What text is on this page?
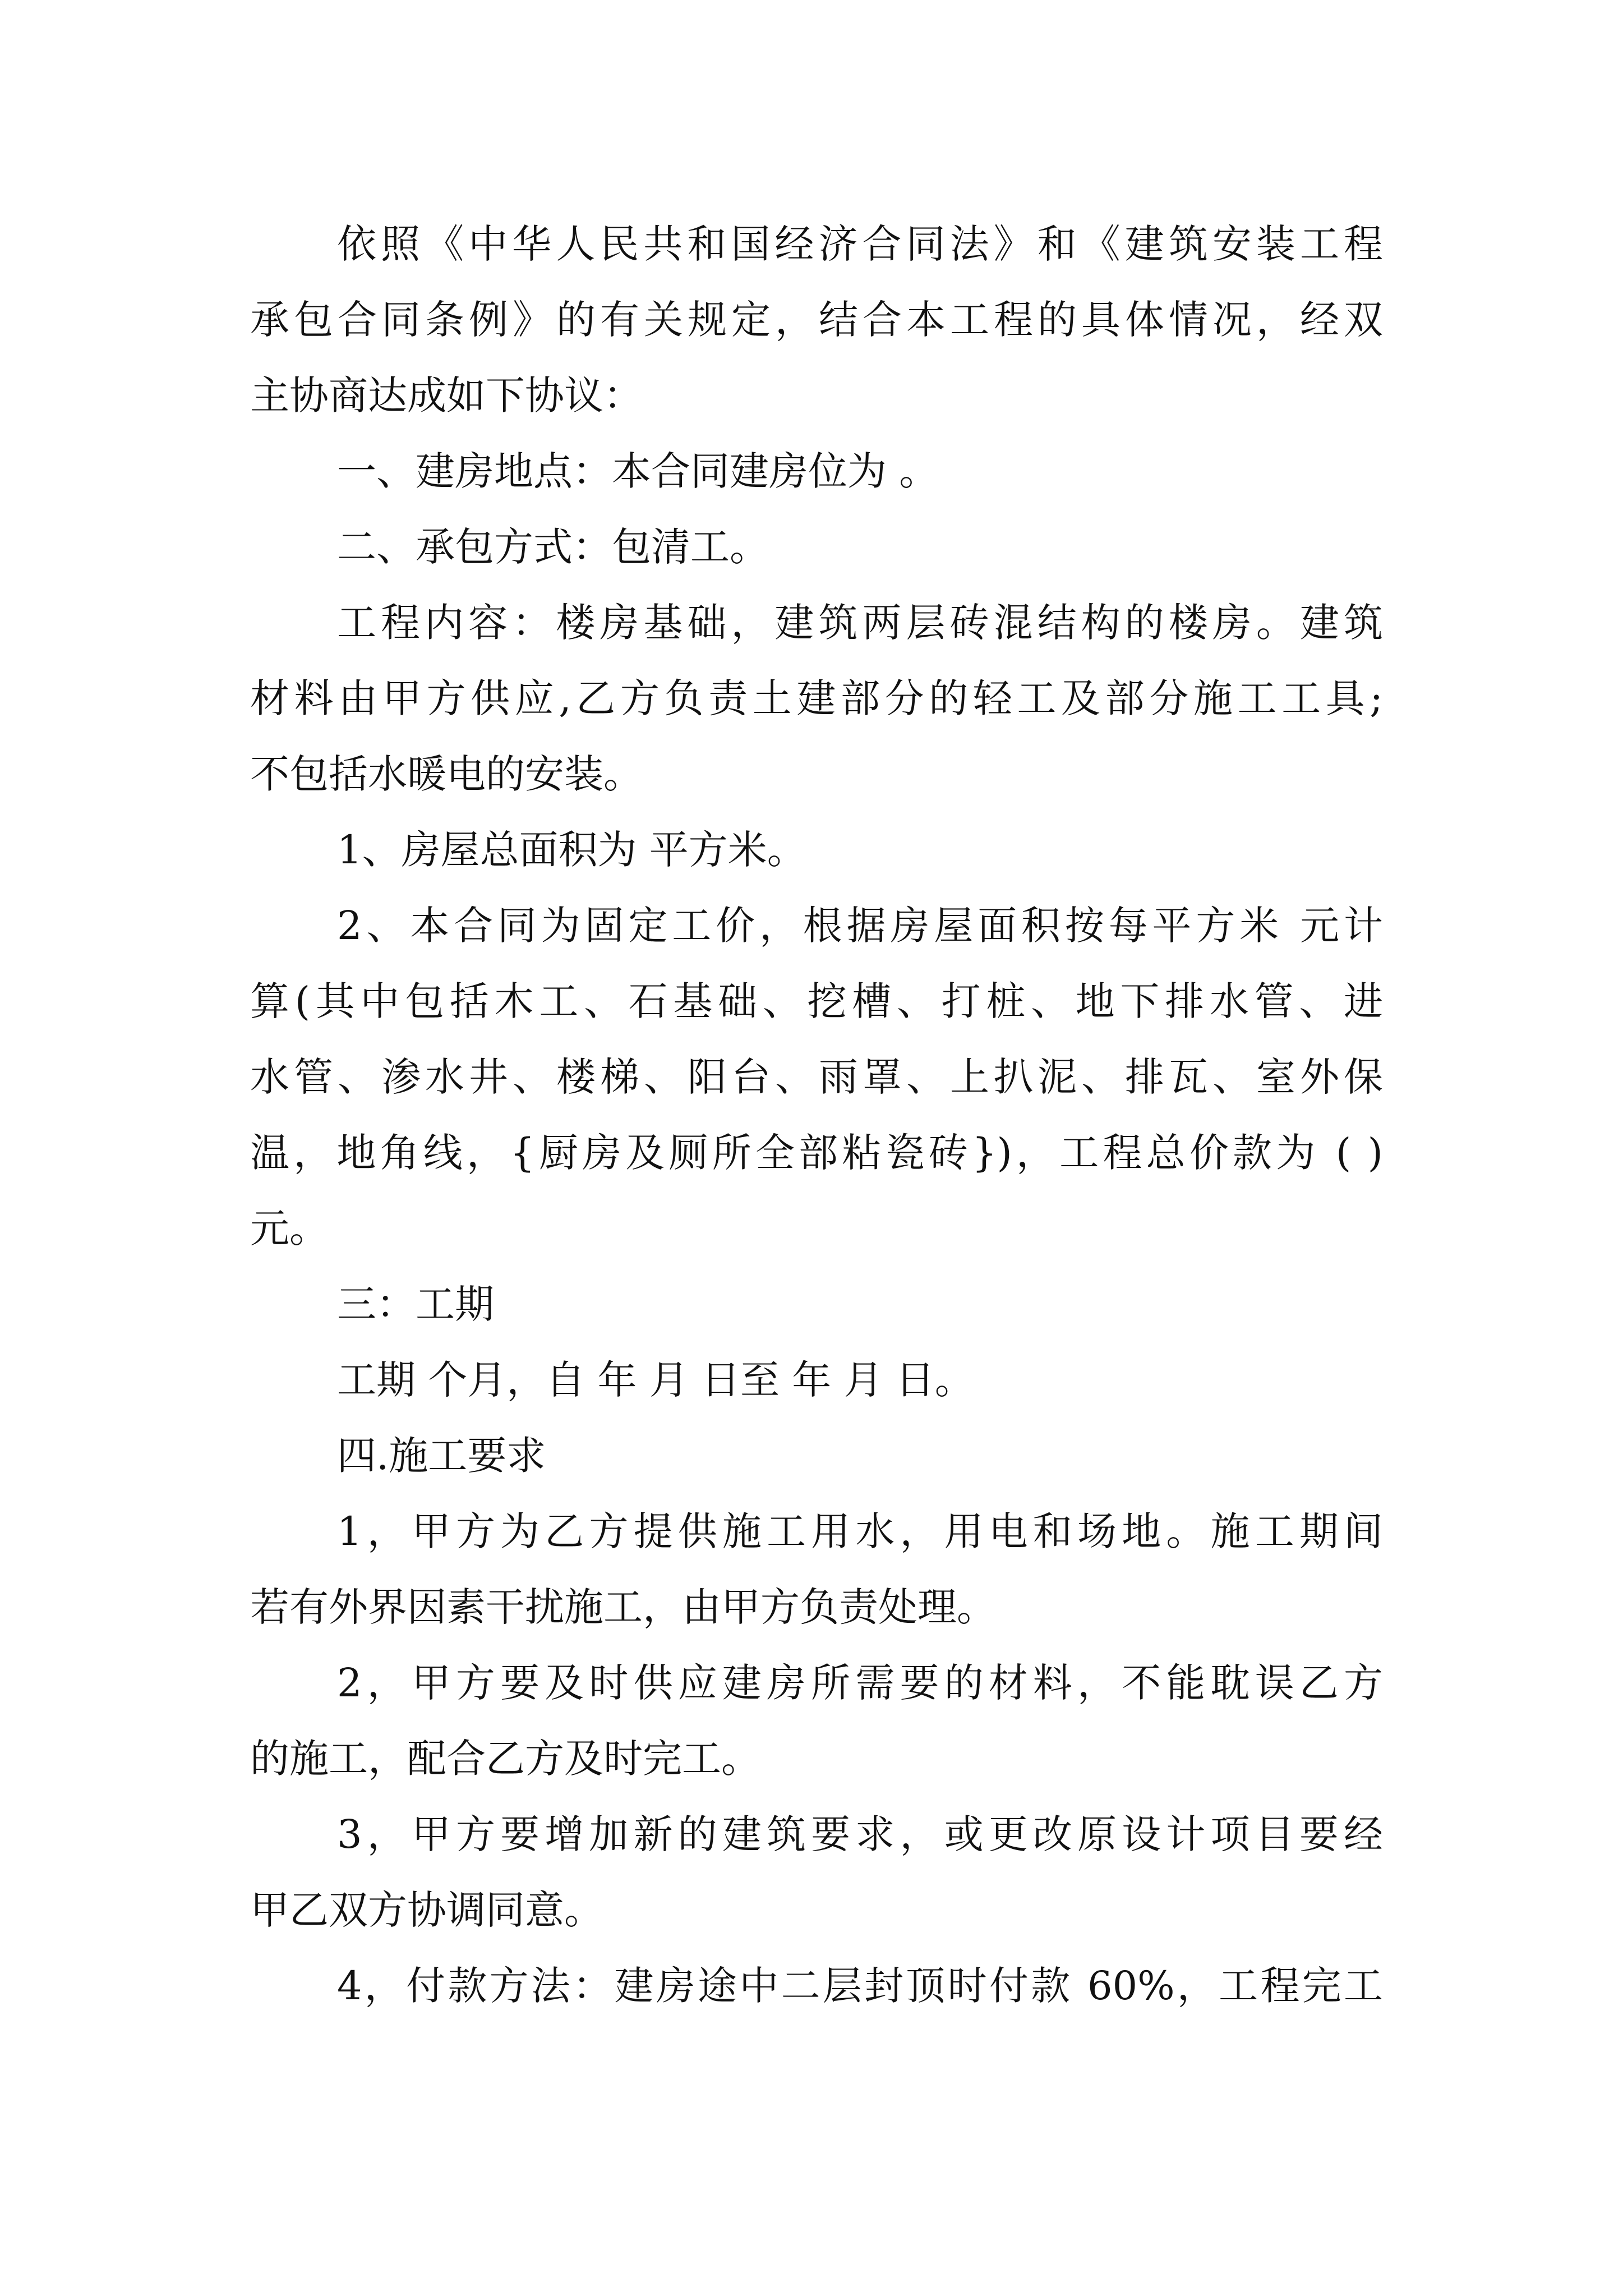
依照《中华人民共和国经济合同法》和《建筑安装工程
承包合同条例》的有关规定，结合本工程的具体情况，经双
主协商达成如下协议：
一、建房地点：本合同建房位为 。
二、承包方式：包清工。
工程内容：楼房基础，建筑两层砖混结构的楼房。建筑
材料由甲方供应,乙方负责土建部分的轻工及部分施工工具;
不包括水暖电的安装。
1、房屋总面积为 平方米。
2、本合同为固定工价，根据房屋面积按每平方米 元计
算(其中包括木工、石基础、挖槽、打桩、地下排水管、进
水管、渗水井、楼梯、阳台、雨罩、上扒泥、排瓦、室外保
温，地角线，{厨房及厕所全部粘瓷砖})，工程总价款为 ( )
元。
三：工期
工期 个月，自 年 月 日至 年 月 日。
四.施工要求
1，甲方为乙方提供施工用水，用电和场地。施工期间
若有外界因素干扰施工，由甲方负责处理。
2，甲方要及时供应建房所需要的材料，不能耽误乙方
的施工，配合乙方及时完工。
3，甲方要增加新的建筑要求，或更改原设计项目要经
甲乙双方协调同意。
4，付款方法：建房途中二层封顶时付款 60%，工程完工
